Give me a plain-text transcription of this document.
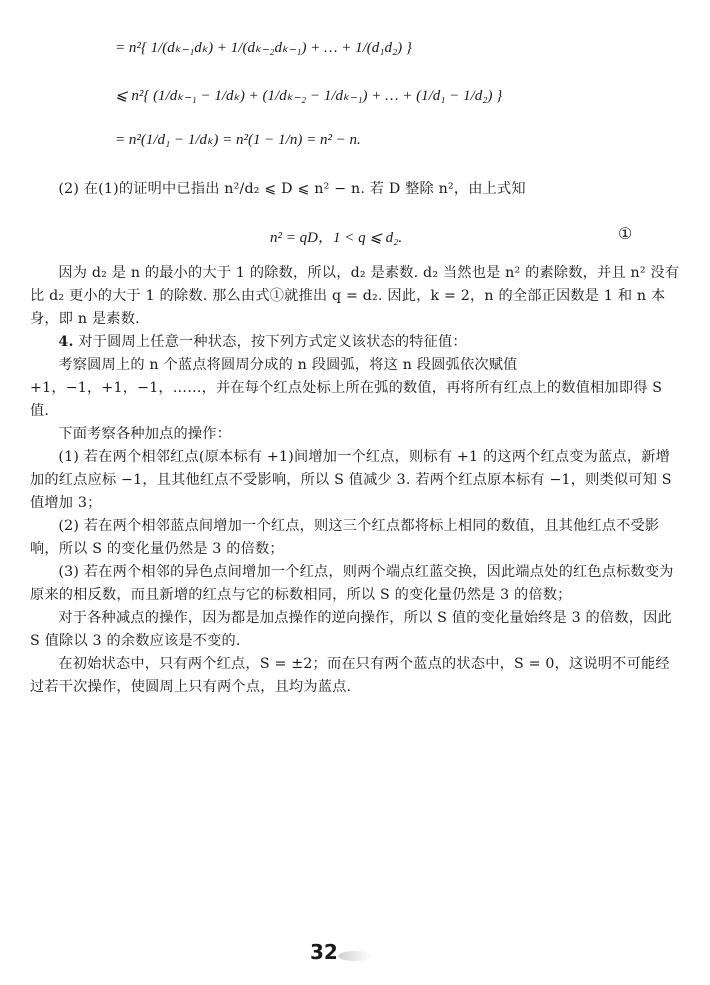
= n²{ 1/(dₖ₋₁dₖ) + 1/(dₖ₋₂dₖ₋₁) + … + 1/(d₁d₂) }
⩽ n²{ (1/dₖ₋₁ − 1/dₖ) + (1/dₖ₋₂ − 1/dₖ₋₁) + … + (1/d₁ − 1/d₂) }
= n²(1/d₁ − 1/dₖ) = n²(1 − 1/n) = n² − n.

(2) 在(1)的证明中已指出 n²/d₂ ⩽ D ⩽ n² − n. 若 D 整除 n²，由上式知

n² = qD，1 < q ⩽ d₂.	①

因为 d₂ 是 n 的最小的大于 1 的除数，所以，d₂ 是素数. d₂ 当然也是 n² 的素除数，并且 n² 没有比 d₂ 更小的大于 1 的除数. 那么由式①就推出 q = d₂. 因此，k = 2，n 的全部正因数是 1 和 n 本身，即 n 是素数.

4. 对于圆周上任意一种状态，按下列方式定义该状态的特征值：

考察圆周上的 n 个蓝点将圆周分成的 n 段圆弧，将这 n 段圆弧依次赋值 +1，−1，+1，−1，……，并在每个红点处标上所在弧的数值，再将所有红点上的数值相加即得 S 值.

下面考察各种加点的操作：

(1) 若在两个相邻红点(原本标有 +1)间增加一个红点，则标有 +1 的这两个红点变为蓝点，新增加的红点应标 −1，且其他红点不受影响，所以 S 值减少 3. 若两个红点原本标有 −1，则类似可知 S 值增加 3；

(2) 若在两个相邻蓝点间增加一个红点，则这三个红点都将标上相同的数值，且其他红点不受影响，所以 S 的变化量仍然是 3 的倍数；

(3) 若在两个相邻的异色点间增加一个红点，则两个端点红蓝交换，因此端点处的红色点标数变为原来的相反数，而且新增的红点与它的标数相同，所以 S 的变化量仍然是 3 的倍数；

对于各种减点的操作，因为都是加点操作的逆向操作，所以 S 值的变化量始终是 3 的倍数，因此 S 值除以 3 的余数应该是不变的.

在初始状态中，只有两个红点，S = ±2；而在只有两个蓝点的状态中，S = 0，这说明不可能经过若干次操作，使圆周上只有两个点，且均为蓝点.

32
